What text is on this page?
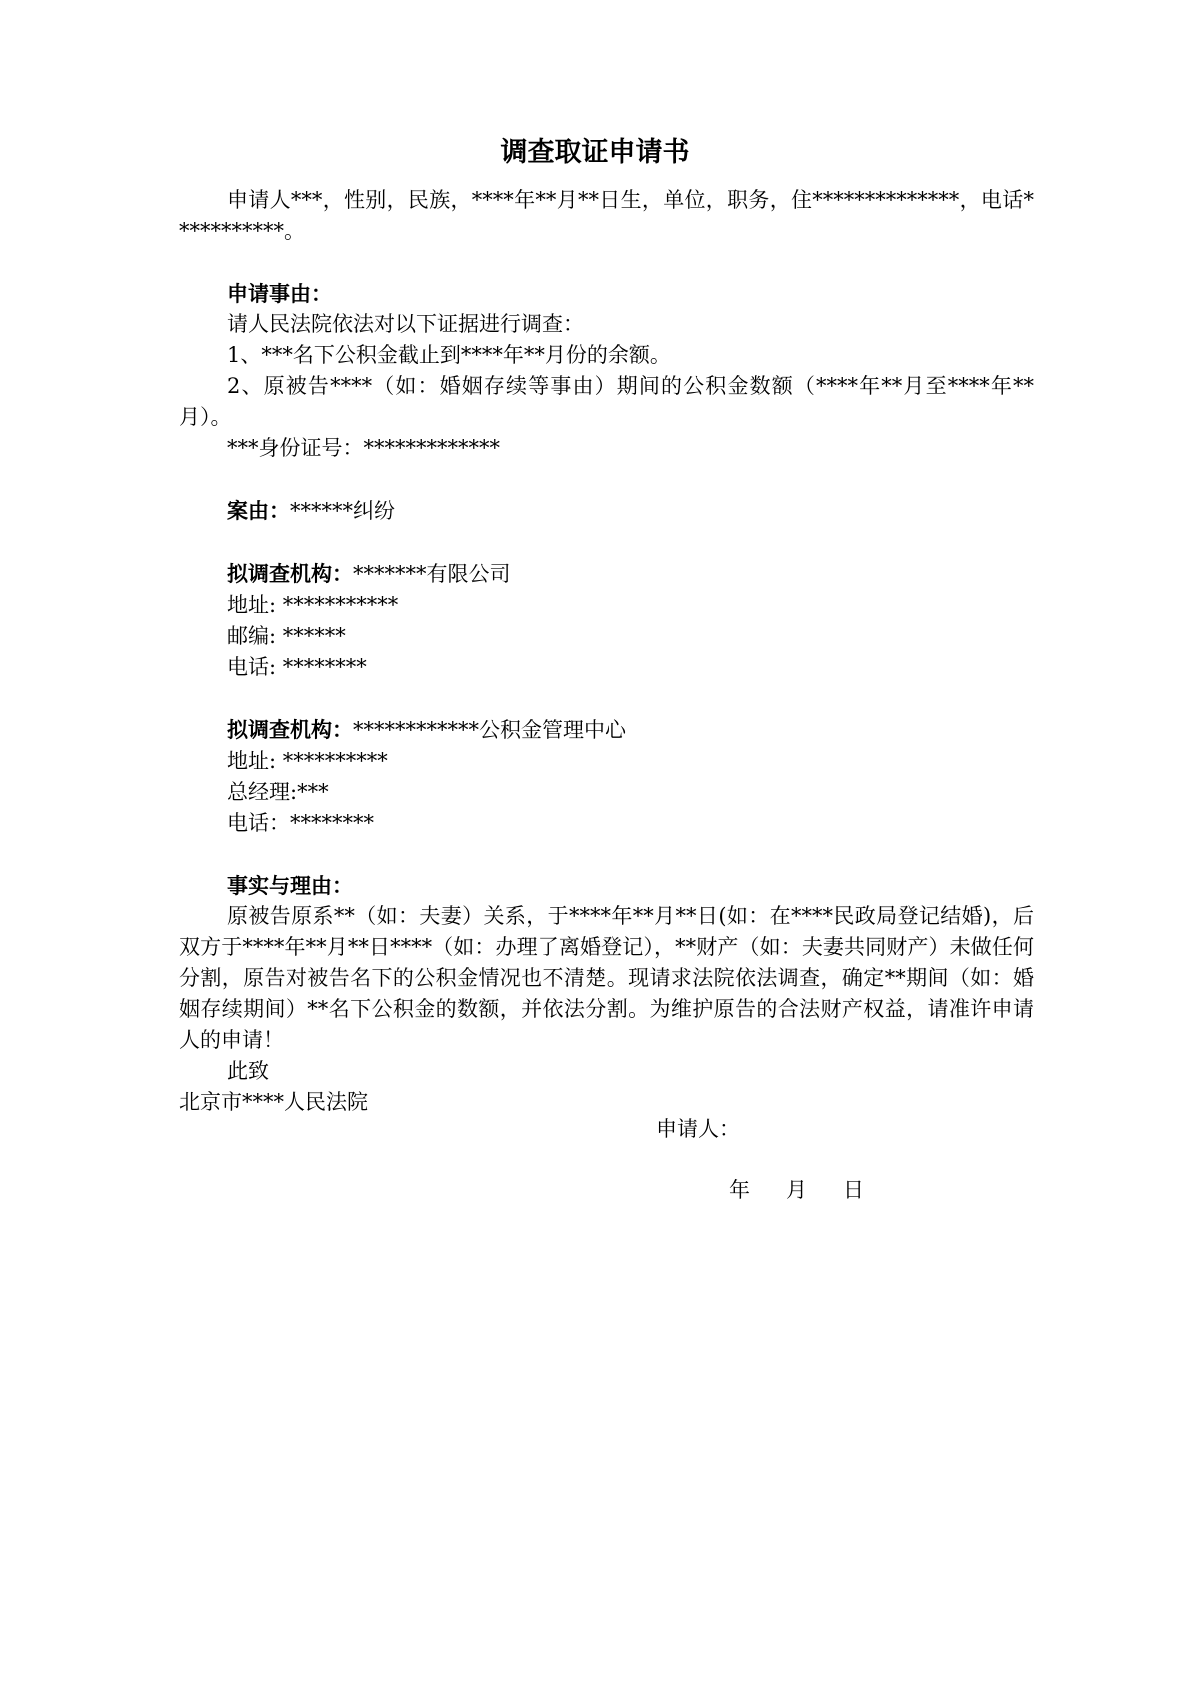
调查取证申请书

申请人***，性别，民族，****年**月**日生，单位，职务，住**************，电话***********。

申请事由：

请人民法院依法对以下证据进行调查：

1、***名下公积金截止到****年**月份的余额。

2、原被告****（如：婚姻存续等事由）期间的公积金数额（****年**月至****年**月）。

***身份证号：*************

案由：******纠纷

拟调查机构：*******有限公司

地址: ***********

邮编: ******

电话: ********

拟调查机构：************公积金管理中心

地址: **********

总经理:***

电话：********

事实与理由：

原被告原系**（如：夫妻）关系，于****年**月**日(如：在****民政局登记结婚)，后双方于****年**月**日****（如：办理了离婚登记），**财产（如：夫妻共同财产）未做任何分割，原告对被告名下的公积金情况也不清楚。现请求法院依法调查，确定**期间（如：婚姻存续期间）**名下公积金的数额，并依法分割。为维护原告的合法财产权益，请准许申请人的申请！

此致

北京市****人民法院

申请人：
年 月 日
